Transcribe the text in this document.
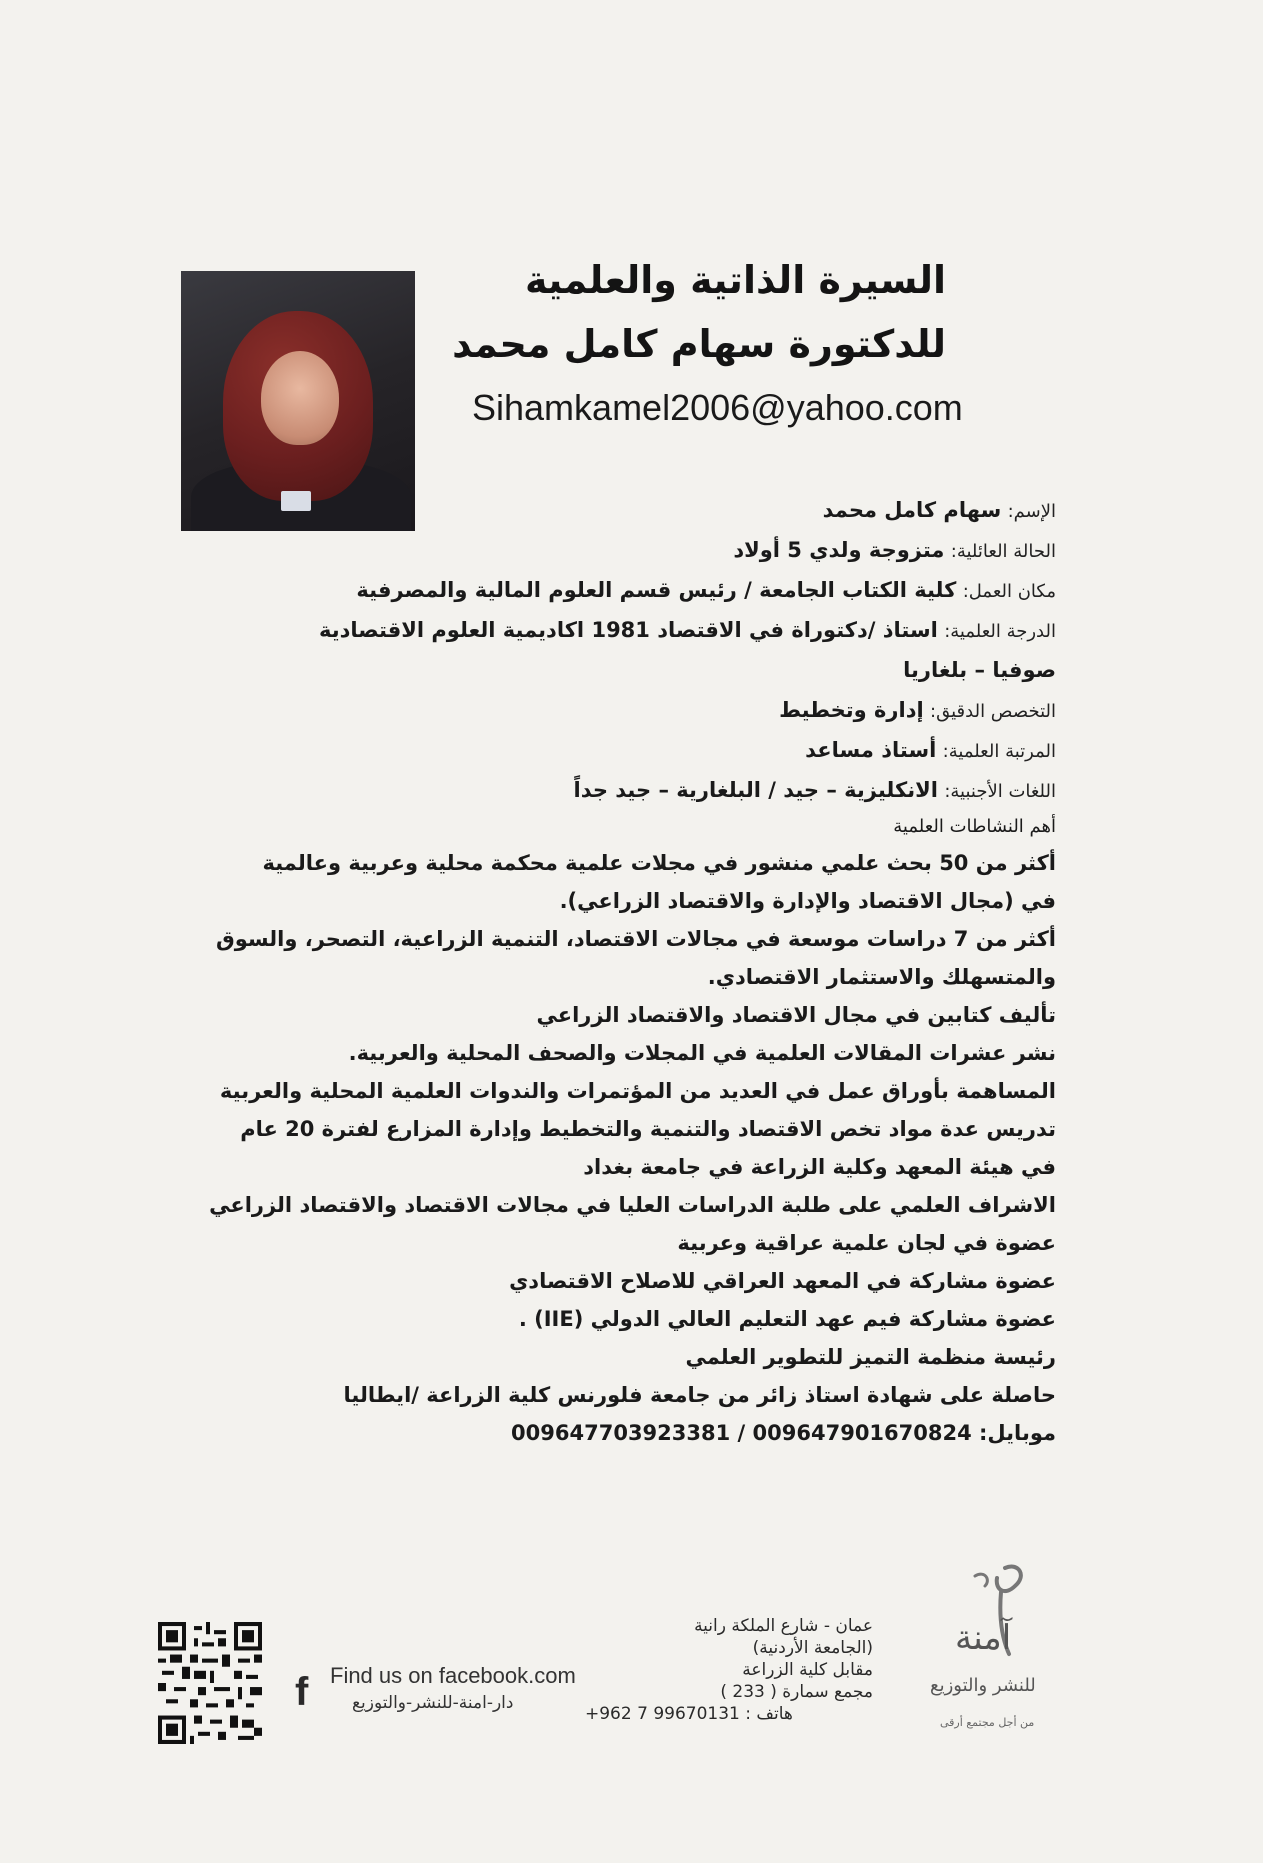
السيرة الذاتية والعلمية
للدكتورة سهام كامل محمد
Sihamkamel2006@yahoo.com
الإسم: سهام كامل محمد
الحالة العائلية: متزوجة ولدي 5 أولاد
مكان العمل: كلية الكتاب الجامعة / رئيس قسم العلوم المالية والمصرفية
الدرجة العلمية: استاذ /دكتوراة في الاقتصاد 1981 اكاديمية العلوم الاقتصادية
صوفيا – بلغاريا
التخصص الدقيق: إدارة وتخطيط
المرتبة العلمية: أستاذ مساعد
اللغات الأجنبية: الانكليزية – جيد / البلغارية – جيد جداً
أهم النشاطات العلمية
أكثر من 50 بحث علمي منشور في مجلات علمية محكمة محلية وعربية وعالمية
في (مجال الاقتصاد والإدارة والاقتصاد الزراعي).
أكثر من 7 دراسات موسعة في مجالات الاقتصاد، التنمية الزراعية، التصحر، والسوق
والمتسهلك والاستثمار الاقتصادي.
تأليف كتابين في مجال الاقتصاد والاقتصاد الزراعي
نشر عشرات المقالات العلمية في المجلات والصحف المحلية والعربية.
المساهمة بأوراق عمل في العديد من المؤتمرات والندوات العلمية المحلية والعربية
تدريس عدة مواد تخص الاقتصاد والتنمية والتخطيط وإدارة المزارع لفترة 20 عام
في هيئة المعهد وكلية الزراعة في جامعة بغداد
الاشراف العلمي على طلبة الدراسات العليا في مجالات الاقتصاد والاقتصاد الزراعي
عضوة في لجان علمية عراقية وعربية
عضوة مشاركة في المعهد العراقي للاصلاح الاقتصادي
عضوة مشاركة فيم عهد التعليم العالي الدولي (IIE) .
رئيسة منظمة التميز للتطوير العلمي
حاصلة على شهادة استاذ زائر من جامعة فلورنس كلية الزراعة /ايطاليا
موبايل: 009647901670824 / 009647703923381
f Find us on facebook.com
دار-امنة-للنشر-والتوزيع
عمان - شارع الملكة رانية
(الجامعة الأردنية)
مقابل كلية الزراعة
مجمع سمارة ( 233 )
+962 7 99670131 : هاتف
آمنة
للنشر والتوزيع
من أجل مجتمع أرقى
